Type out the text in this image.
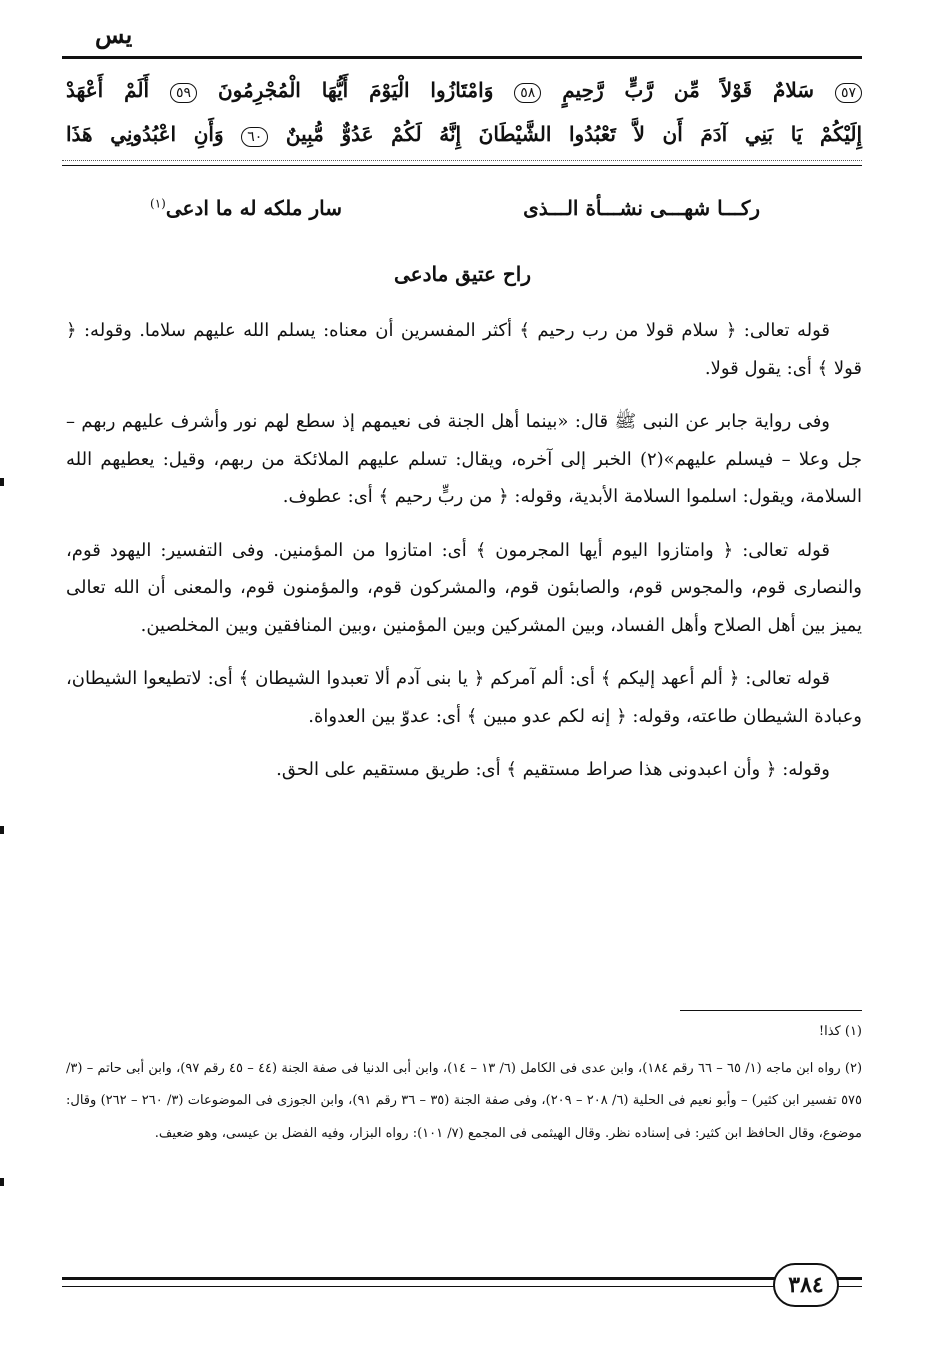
يس

٥٧ سَلامٌ قَوْلاً مِّن رَّبٍّ رَّحِيمٍ ٥٨ وَامْتَازُوا الْيَوْمَ أَيُّهَا الْمُجْرِمُونَ ٥٩ أَلَمْ أَعْهَدْ

إِلَيْكُمْ يَا بَنِي آدَمَ أَن لاَّ تَعْبُدُوا الشَّيْطَانَ إِنَّهُ لَكُمْ عَدُوٌّ مُّبِينٌ ٦٠ وَأَنِ اعْبُدُونِي هَذَا

ركـــا شهـــى نشـــأة الـــذى
سار ملكه له ما ادعى$^{(١)}$
راح عتيق مادعى

قوله تعالى: ﴿ سلام قولا من رب رحيم ﴾ أكثر المفسرين أن معناه: يسلم الله عليهم سلاما. وقوله: ﴿ قولا ﴾ أى: يقول قولا.

وفى رواية جابر عن النبى ﷺ قال: «بينما أهل الجنة فى نعيمهم إذ سطع لهم نور وأشرف عليهم ربهم – جل وعلا – فيسلم عليهم»(٢) الخبر إلى آخره، ويقال: تسلم عليهم الملائكة من ربهم، وقيل: يعطيهم الله السلامة، ويقول: اسلموا السلامة الأبدية، وقوله: ﴿ من ربٍّ رحيم ﴾ أى: عطوف.

قوله تعالى: ﴿ وامتازوا اليوم أيها المجرمون ﴾ أى: امتازوا من المؤمنين. وفى التفسير: اليهود قوم، والنصارى قوم، والمجوس قوم، والصابئون قوم، والمشركون قوم، والمؤمنون قوم، والمعنى أن الله تعالى يميز بين أهل الصلاح وأهل الفساد، وبين المشركين وبين المؤمنين ،وبين المنافقين وبين المخلصين.

قوله تعالى: ﴿ ألم أعهد إليكم ﴾ أى: ألم آمركم ﴿ يا بنى آدم ألا تعبدوا الشيطان ﴾ أى: لاتطيعوا الشيطان، وعبادة الشيطان طاعته، وقوله: ﴿ إنه لكم عدو مبين ﴾ أى: عدوّ بين العدواة.

وقوله: ﴿ وأن اعبدونى هذا صراط مستقيم ﴾ أى: طريق مستقيم على الحق.

(١) كذا!

(٢) رواه ابن ماجه (١/ ٦٥ – ٦٦ رقم ١٨٤)، وابن عدى فى الكامل (٦/ ١٣ – ١٤)، وابن أبى الدنيا فى صفة الجنة (٤٤ – ٤٥ رقم ٩٧)، وابن أبى حاتم – (٣/ ٥٧٥ تفسير ابن كثير) – وأبو نعيم فى الحلية (٦/ ٢٠٨ – ٢٠٩)، وفى صفة الجنة (٣٥ – ٣٦ رقم ٩١)، وابن الجوزى فى الموضوعات (٣/ ٢٦٠ – ٢٦٢) وقال: موضوع، وقال الحافظ ابن كثير: فى إسناده نظر. وقال الهيثمى فى المجمع (٧/ ١٠١): رواه البزار، وفيه الفضل بن عيسى، وهو ضعيف.

٣٨٤
